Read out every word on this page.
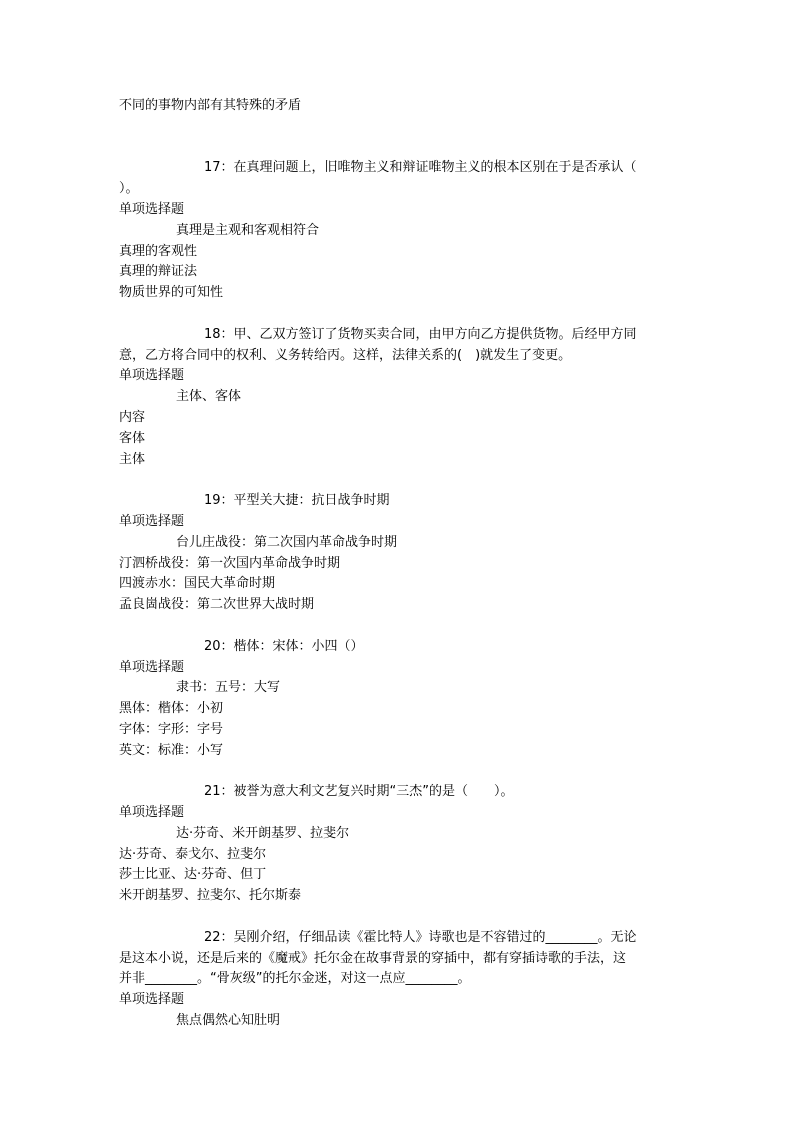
不同的事物内部有其特殊的矛盾
17：在真理问题上，旧唯物主义和辩证唯物主义的根本区别在于是否承认（
）。
单项选择题
真理是主观和客观相符合
真理的客观性
真理的辩证法
物质世界的可知性
18：甲、乙双方签订了货物买卖合同，由甲方向乙方提供货物。后经甲方同
意，乙方将合同中的权利、义务转给丙。这样，法律关系的(　)就发生了变更。
单项选择题
主体、客体
内容
客体
主体
19：平型关大捷：抗日战争时期
单项选择题
台儿庄战役：第二次国内革命战争时期
汀泗桥战役：第一次国内革命战争时期
四渡赤水：国民大革命时期
孟良崮战役：第二次世界大战时期
20：楷体：宋体：小四（）
单项选择题
隶书：五号：大写
黑体：楷体：小初
字体：字形：字号
英文：标准：小写
21：被誉为意大利文艺复兴时期“三杰”的是（　　）。
单项选择题
达·芬奇、米开朗基罗、拉斐尔
达·芬奇、泰戈尔、拉斐尔
莎士比亚、达·芬奇、但丁
米开朗基罗、拉斐尔、托尔斯泰
22：吴刚介绍，仔细品读《霍比特人》诗歌也是不容错过的________。无论
是这本小说，还是后来的《魔戒》托尔金在故事背景的穿插中，都有穿插诗歌的手法，这
并非________。“骨灰级”的托尔金迷，对这一点应________。
单项选择题
焦点偶然心知肚明
